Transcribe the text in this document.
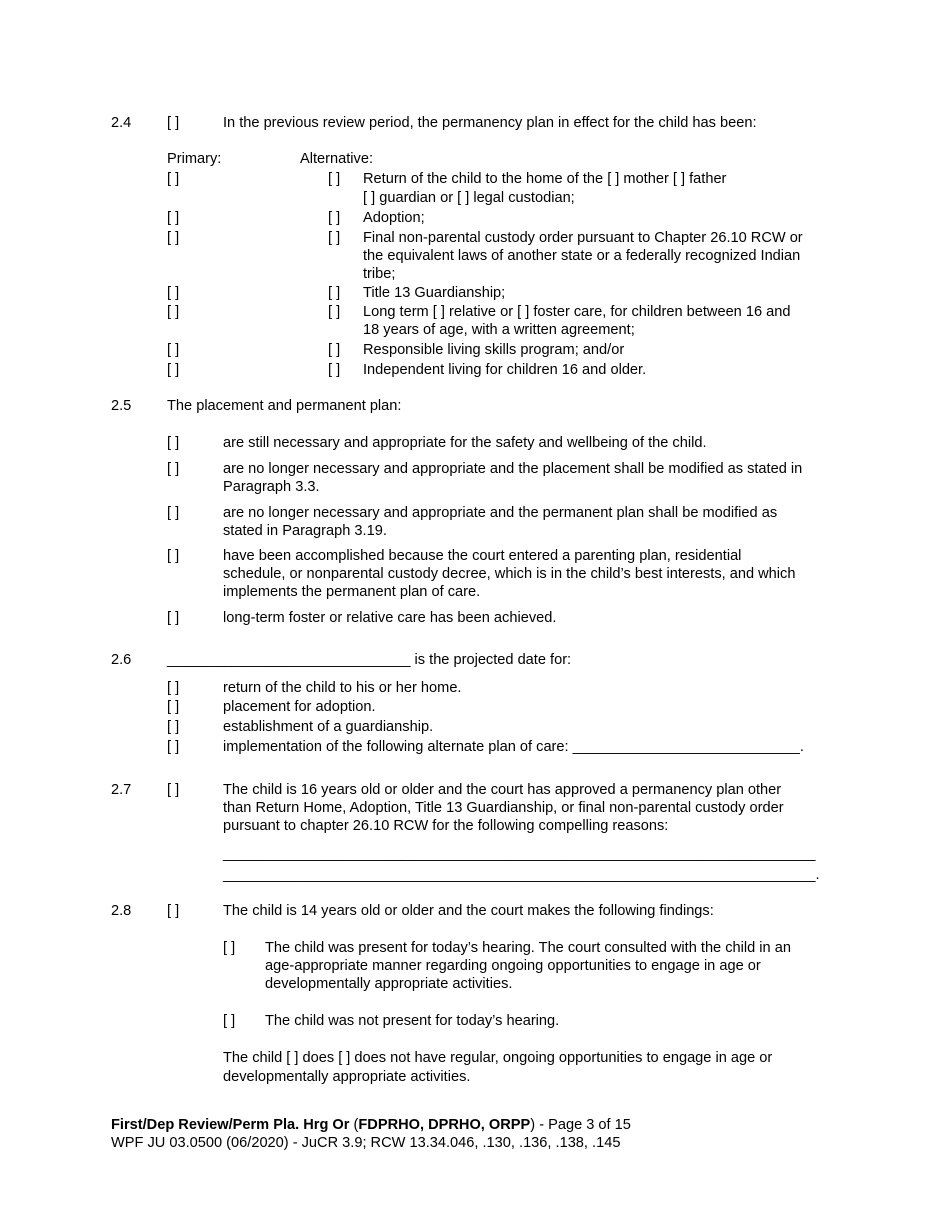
2.4 [ ]	In the previous review period, the permanency plan in effect for the child has been:
Primary:	Alternative:
[ ]	[ ] Return of the child to the home of the [ ] mother [ ] father
[ ] guardian or [ ] legal custodian;
[ ]	[ ] Adoption;
[ ]	[ ] Final non-parental custody order pursuant to Chapter 26.10 RCW or
the equivalent laws of another state or a federally recognized Indian
tribe;
[ ]	[ ] Title 13 Guardianship;
[ ]	[ ] Long term [ ] relative or [ ] foster care, for children between 16 and
18 years of age, with a written agreement;
[ ]	[ ] Responsible living skills program; and/or
[ ]	[ ] Independent living for children 16 and older.
2.5 The placement and permanent plan:
[ ]	are still necessary and appropriate for the safety and wellbeing of the child.
[ ]	are no longer necessary and appropriate and the placement shall be modified as stated in
Paragraph 3.3.
[ ]	are no longer necessary and appropriate and the permanent plan shall be modified as
stated in Paragraph 3.19.
[ ]	have been accomplished because the court entered a parenting plan, residential
schedule, or nonparental custody decree, which is in the child’s best interests, and which
implements the permanent plan of care.
[ ]	long-term foster or relative care has been achieved.
2.6 ______________________________ is the projected date for:
[ ]	return of the child to his or her home.
[ ]	placement for adoption.
[ ]	establishment of a guardianship.
[ ]	implementation of the following alternate plan of care: ____________________________.
2.7 [ ]	The child is 16 years old or older and the court has approved a permanency plan other
than Return Home, Adoption, Title 13 Guardianship, or final non-parental custody order
pursuant to chapter 26.10 RCW for the following compelling reasons:
_________________________________________________________________________
_________________________________________________________________________.
2.8 [ ]	The child is 14 years old or older and the court makes the following findings:
[ ] The child was present for today’s hearing. The court consulted with the child in an
age-appropriate manner regarding ongoing opportunities to engage in age or
developmentally appropriate activities.
[ ] The child was not present for today’s hearing.
The child [ ] does [ ] does not have regular, ongoing opportunities to engage in age or
developmentally appropriate activities.
First/Dep Review/Perm Pla. Hrg Or (FDPRHO, DPRHO, ORPP) - Page 3 of 15
WPF JU 03.0500 (06/2020) - JuCR 3.9; RCW 13.34.046, .130, .136, .138, .145
